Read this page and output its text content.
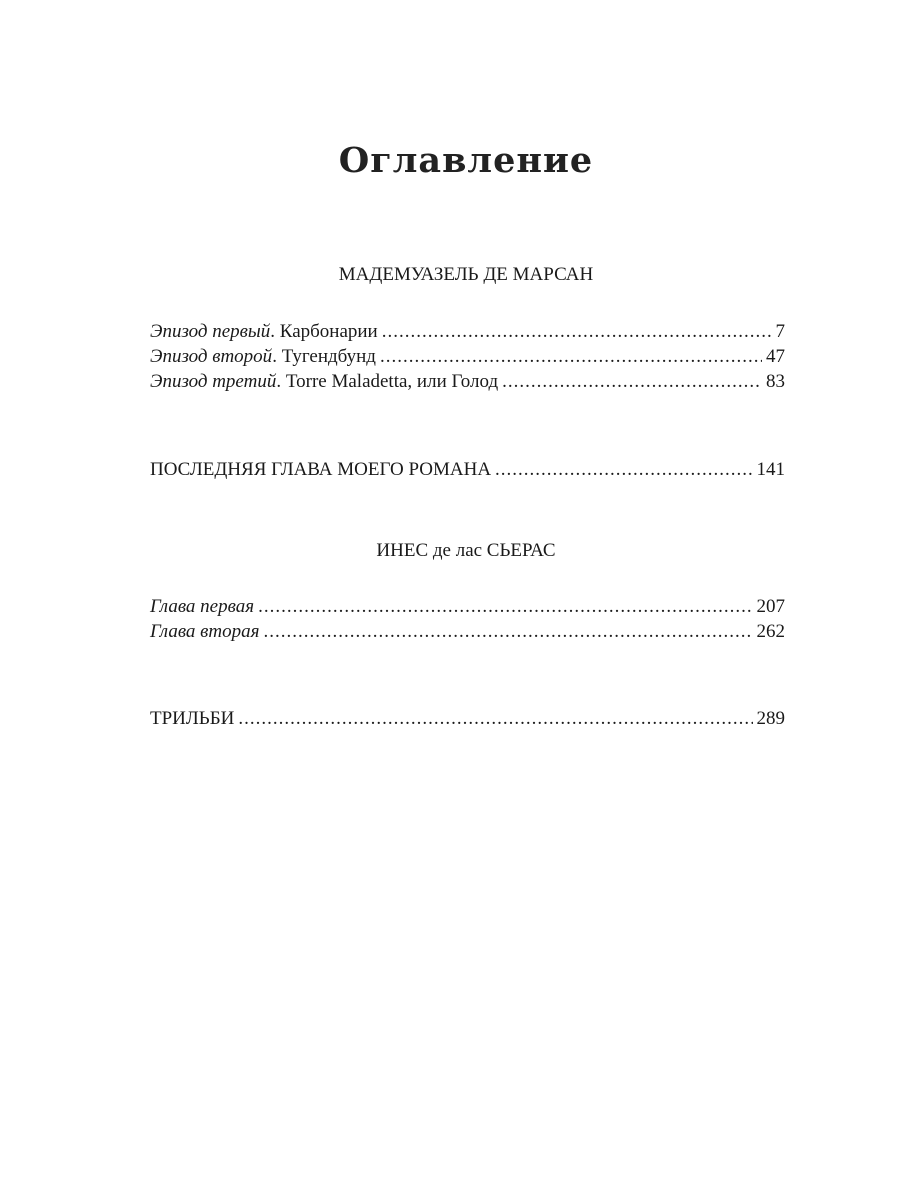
Оглавление
МАДЕМУАЗЕЛЬ ДЕ МАРСАН
Эпизод первый. Карбонарии .....	7
Эпизод второй. Тугендбунд .....	47
Эпизод третий. Torre Maladetta, или Голод .....	83
ПОСЛЕДНЯЯ ГЛАВА МОЕГО РОМАНА .....	141
ИНЕС де лас СЬЕРАС
Глава первая .....	207
Глава вторая .....	262
ТРИЛЬБИ .....	289
